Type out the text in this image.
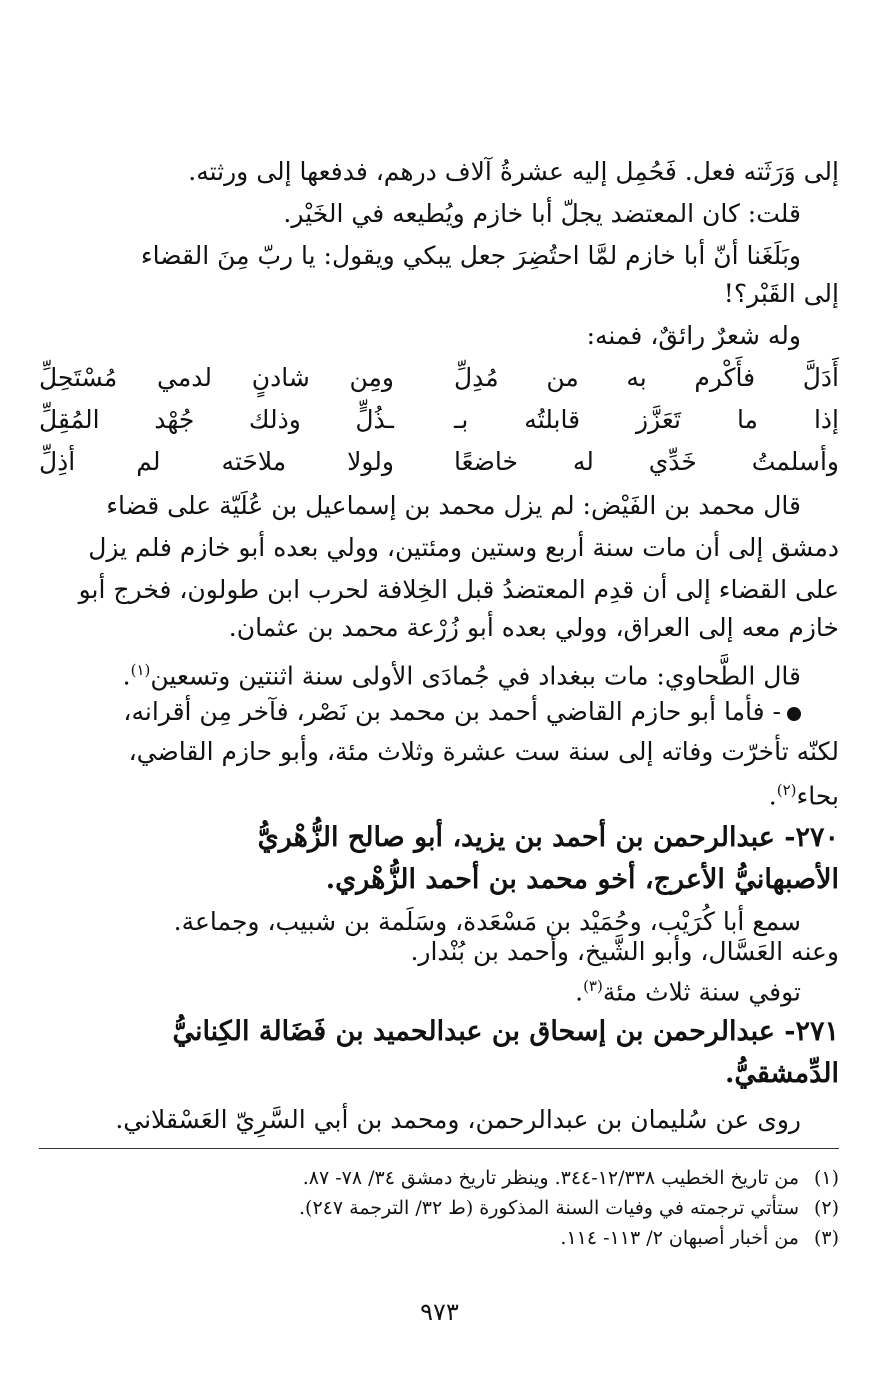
إلى وَرَثَته فعل. فَحُمِل إليه عشرةُ آلاف درهم، فدفعها إلى ورثته.
قلت: كان المعتضد يجلّ أبا خازم ويُطيعه في الخَيْر.
وبَلَغَنا أنّ أبا خازم لمَّا احتُضِرَ جعل يبكي ويقول: يا ربّ مِنَ القضاء
إلى القَبْر؟!
وله شعرٌ رائقٌ، فمنه:
أَدَلَّ فأَكْرم به من مُدِلِّ
ومِن شادنٍ لدمي مُسْتَحِلِّ
إذا ما تَعَزَّز قابلتُه بـ
ـذُلٍّ وذلك جُهْد المُقِلِّ
وأسلمتُ خَدِّي له خاضعًا
ولولا ملاحَته لم أذِلِّ
قال محمد بن الفَيْض: لم يزل محمد بن إسماعيل بن عُلَيّة على قضاء
دمشق إلى أن مات سنة أربع وستين ومئتين، وولي بعده أبو خازم فلم يزل
على القضاء إلى أن قدِم المعتضدُ قبل الخِلافة لحرب ابن طولون، فخرج أبو
خازم معه إلى العراق، وولي بعده أبو زُرْعة محمد بن عثمان.
قال الطَّحاوي: مات ببغداد في جُمادَى الأولى سنة اثنتين وتسعين$^{(١)}$.
- فأما أبو حازم القاضي أحمد بن محمد بن نَصْر، فآخر مِن أقرانه،
لكنّه تأخرّت وفاته إلى سنة ست عشرة وثلاث مئة، وأبو حازم القاضي،
بحاء$^{(٢)}$.
٢٧٠- عبدالرحمن بن أحمد بن يزيد، أبو صالح الزُّهْريُّ
الأصبهانيُّ الأعرج، أخو محمد بن أحمد الزُّهْري.
سمع أبا كُرَيْب، وحُمَيْد بن مَسْعَدة، وسَلَمة بن شبيب، وجماعة.
وعنه العَسَّال، وأبو الشَّيخ، وأحمد بن بُنْدار.
توفي سنة ثلاث مئة$^{(٣)}$.
٢٧١- عبدالرحمن بن إسحاق بن عبدالحميد بن فَضَالة الكِنانيُّ
الدِّمشقيُّ.
روى عن سُليمان بن عبدالرحمن، ومحمد بن أبي السَّرِيّ العَسْقلاني.
(١)من تاريخ الخطيب ١٢/٣٣٨-٣٤٤. وينظر تاريخ دمشق ٣٤/ ٧٨- ٨٧.
(٢)ستأتي ترجمته في وفيات السنة المذكورة (ط ٣٢/ الترجمة ٢٤٧).
(٣)من أخبار أصبهان ٢/ ١١٣- ١١٤.
٩٧٣
